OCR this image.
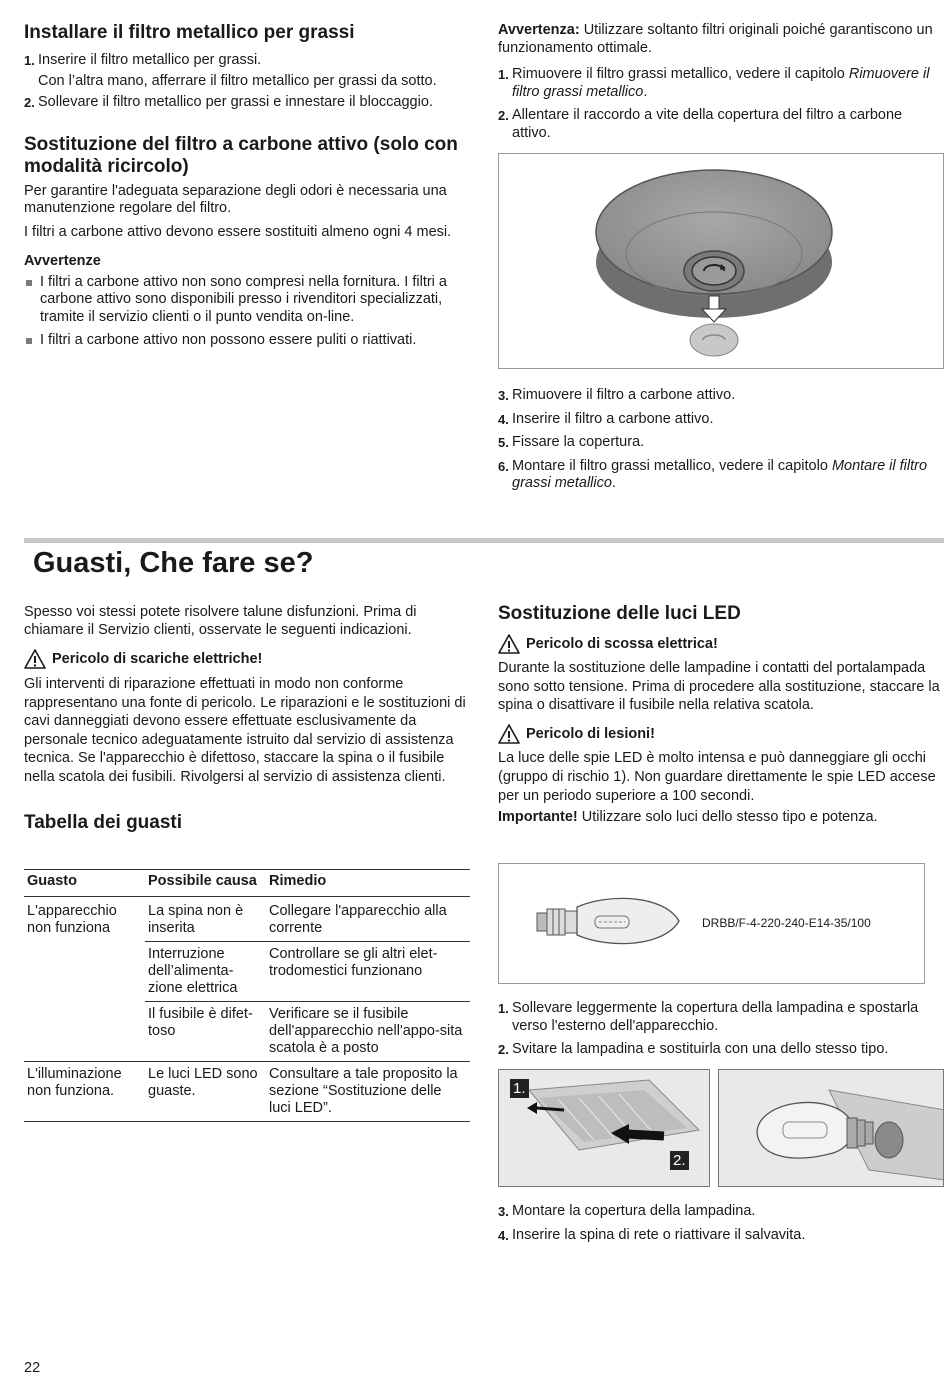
Installare il filtro metallico per grassi
1. Inserire il filtro metallico per grassi.
Con l’altra mano, afferrare il filtro metallico per grassi da sotto.
2. Sollevare il filtro metallico per grassi e innestare il bloccaggio.
Sostituzione del filtro a carbone attivo (solo con modalità ricircolo)

Per garantire l'adeguata separazione degli odori è necessaria una manutenzione regolare del filtro.

I filtri a carbone attivo devono essere sostituiti almeno ogni 4 mesi.

Avvertenze
I filtri a carbone attivo non sono compresi nella fornitura. I filtri a carbone attivo sono disponibili presso i rivenditori specializzati, tramite il servizio clienti o il punto vendita on-line.
I filtri a carbone attivo non possono essere puliti o riattivati.

Avvertenza: Utilizzare soltanto filtri originali poiché garantiscono un funzionamento ottimale.

1. Rimuovere il filtro grassi metallico, vedere il capitolo Rimuovere il filtro grassi metallico.
2. Allentare il raccordo a vite della copertura del filtro a carbone attivo.
3. Rimuovere il filtro a carbone attivo.
4. Inserire il filtro a carbone attivo.
5. Fissare la copertura.
6. Montare il filtro grassi metallico, vedere il capitolo Montare il filtro grassi metallico.
Guasti, Che fare se?

Spesso voi stessi potete risolvere talune disfunzioni. Prima di chiamare il Servizio clienti, osservate le seguenti indicazioni.

Pericolo di scariche elettriche!

Gli interventi di riparazione effettuati in modo non conforme rappresentano una fonte di pericolo. Le riparazioni e le sostituzioni di cavi danneggiati devono essere effettuate esclusivamente da personale tecnico adeguatamente istruito dal servizio di assistenza tecnica. Se l'apparecchio è difettoso, staccare la spina o il fusibile nella scatola dei fusibili. Rivolgersi al servizio di assistenza clienti.

Tabella dei guasti
Guasto	Possibile causa	Rimedio
L'apparecchio non funziona	La spina non è inserita	Collegare l'apparecchio alla corrente
	Interruzione dell’alimenta-zione elettrica	Controllare se gli altri elet-trodomestici funzionano
	Il fusibile è difet-toso	Verificare se il fusibile dell'apparecchio nell'appo-sita scatola è a posto
L'illuminazione non funziona.	Le luci LED sono guaste.	Consultare a tale proposito la sezione “Sostituzione delle luci LED”.
Sostituzione delle luci LED
Pericolo di scossa elettrica!

Durante la sostituzione delle lampadine i contatti del portalampada sono sotto tensione. Prima di procedere alla sostituzione, staccare la spina o disattivare il fusibile nella relativa scatola.

Pericolo di lesioni!

La luce delle spie LED è molto intensa e può danneggiare gli occhi (gruppo di rischio 1). Non guardare direttamente le spie LED accese per un periodo superiore a 100 secondi.

Importante! Utilizzare solo luci dello stesso tipo e potenza.

DRBB/F-4-220-240-E14-35/100
1. Sollevare leggermente la copertura della lampadina e spostarla verso l'esterno dell'apparecchio.
2. Svitare la lampadina e sostituirla con una dello stesso tipo.
1.
2.
3. Montare la copertura della lampadina.
4. Inserire la spina di rete o riattivare il salvavita.
22
